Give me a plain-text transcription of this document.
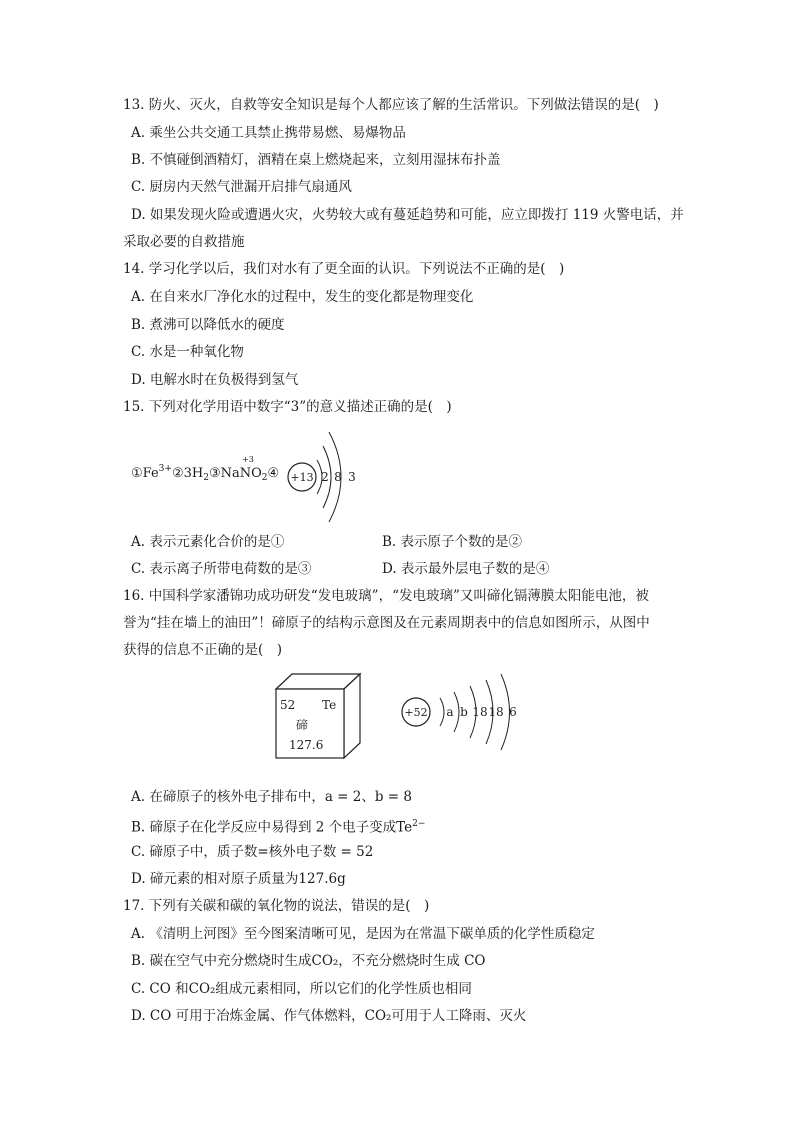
13. 防火、灭火，自救等安全知识是每个人都应该了解的生活常识。下列做法错误的是(　)
A. 乘坐公共交通工具禁止携带易燃、易爆物品
B. 不慎碰倒酒精灯，酒精在桌上燃烧起来，立刻用湿抹布扑盖
C. 厨房内天然气泄漏开启排气扇通风
D. 如果发现火险或遭遇火灾，火势较大或有蔓延趋势和可能，应立即拨打 119 火警电话，并
采取必要的自救措施
14. 学习化学以后，我们对水有了更全面的认识。下列说法不正确的是(　)
A. 在自来水厂净化水的过程中，发生的变化都是物理变化
B. 煮沸可以降低水的硬度
C. 水是一种氧化物
D. 电解水时在负极得到氢气
15. 下列对化学用语中数字“3”的意义描述正确的是(　)
$①Fe^{3+}②3H_2③NaNO_2④$
+3
+13 2 8 3
A. 表示元素化合价的是①	B. 表示原子个数的是②
C. 表示离子所带电荷数的是③	D. 表示最外层电子数的是④
16. 中国科学家潘锦功成功研发“发电玻璃”，“发电玻璃”又叫碲化镉薄膜太阳能电池，被
誉为“挂在墙上的油田”！碲原子的结构示意图及在元素周期表中的信息如图所示，从图中
获得的信息不正确的是(　)
52 Te
碲
127.6
+52 a b 18 18 6
A. 在碲原子的核外电子排布中，a = 2、b = 8
B. 碲原子在化学反应中易得到 2 个电子变成$Te^{2-}$
C. 碲原子中，质子数=核外电子数 = 52
D. 碲元素的相对原子质量为127.6g
17. 下列有关碳和碳的氧化物的说法，错误的是(　)
A. 《清明上河图》至今图案清晰可见，是因为在常温下碳单质的化学性质稳定
B. 碳在空气中充分燃烧时生成CO₂，不充分燃烧时生成 CO
C. CO 和CO₂组成元素相同，所以它们的化学性质也相同
D. CO 可用于冶炼金属、作气体燃料，CO₂可用于人工降雨、灭火
